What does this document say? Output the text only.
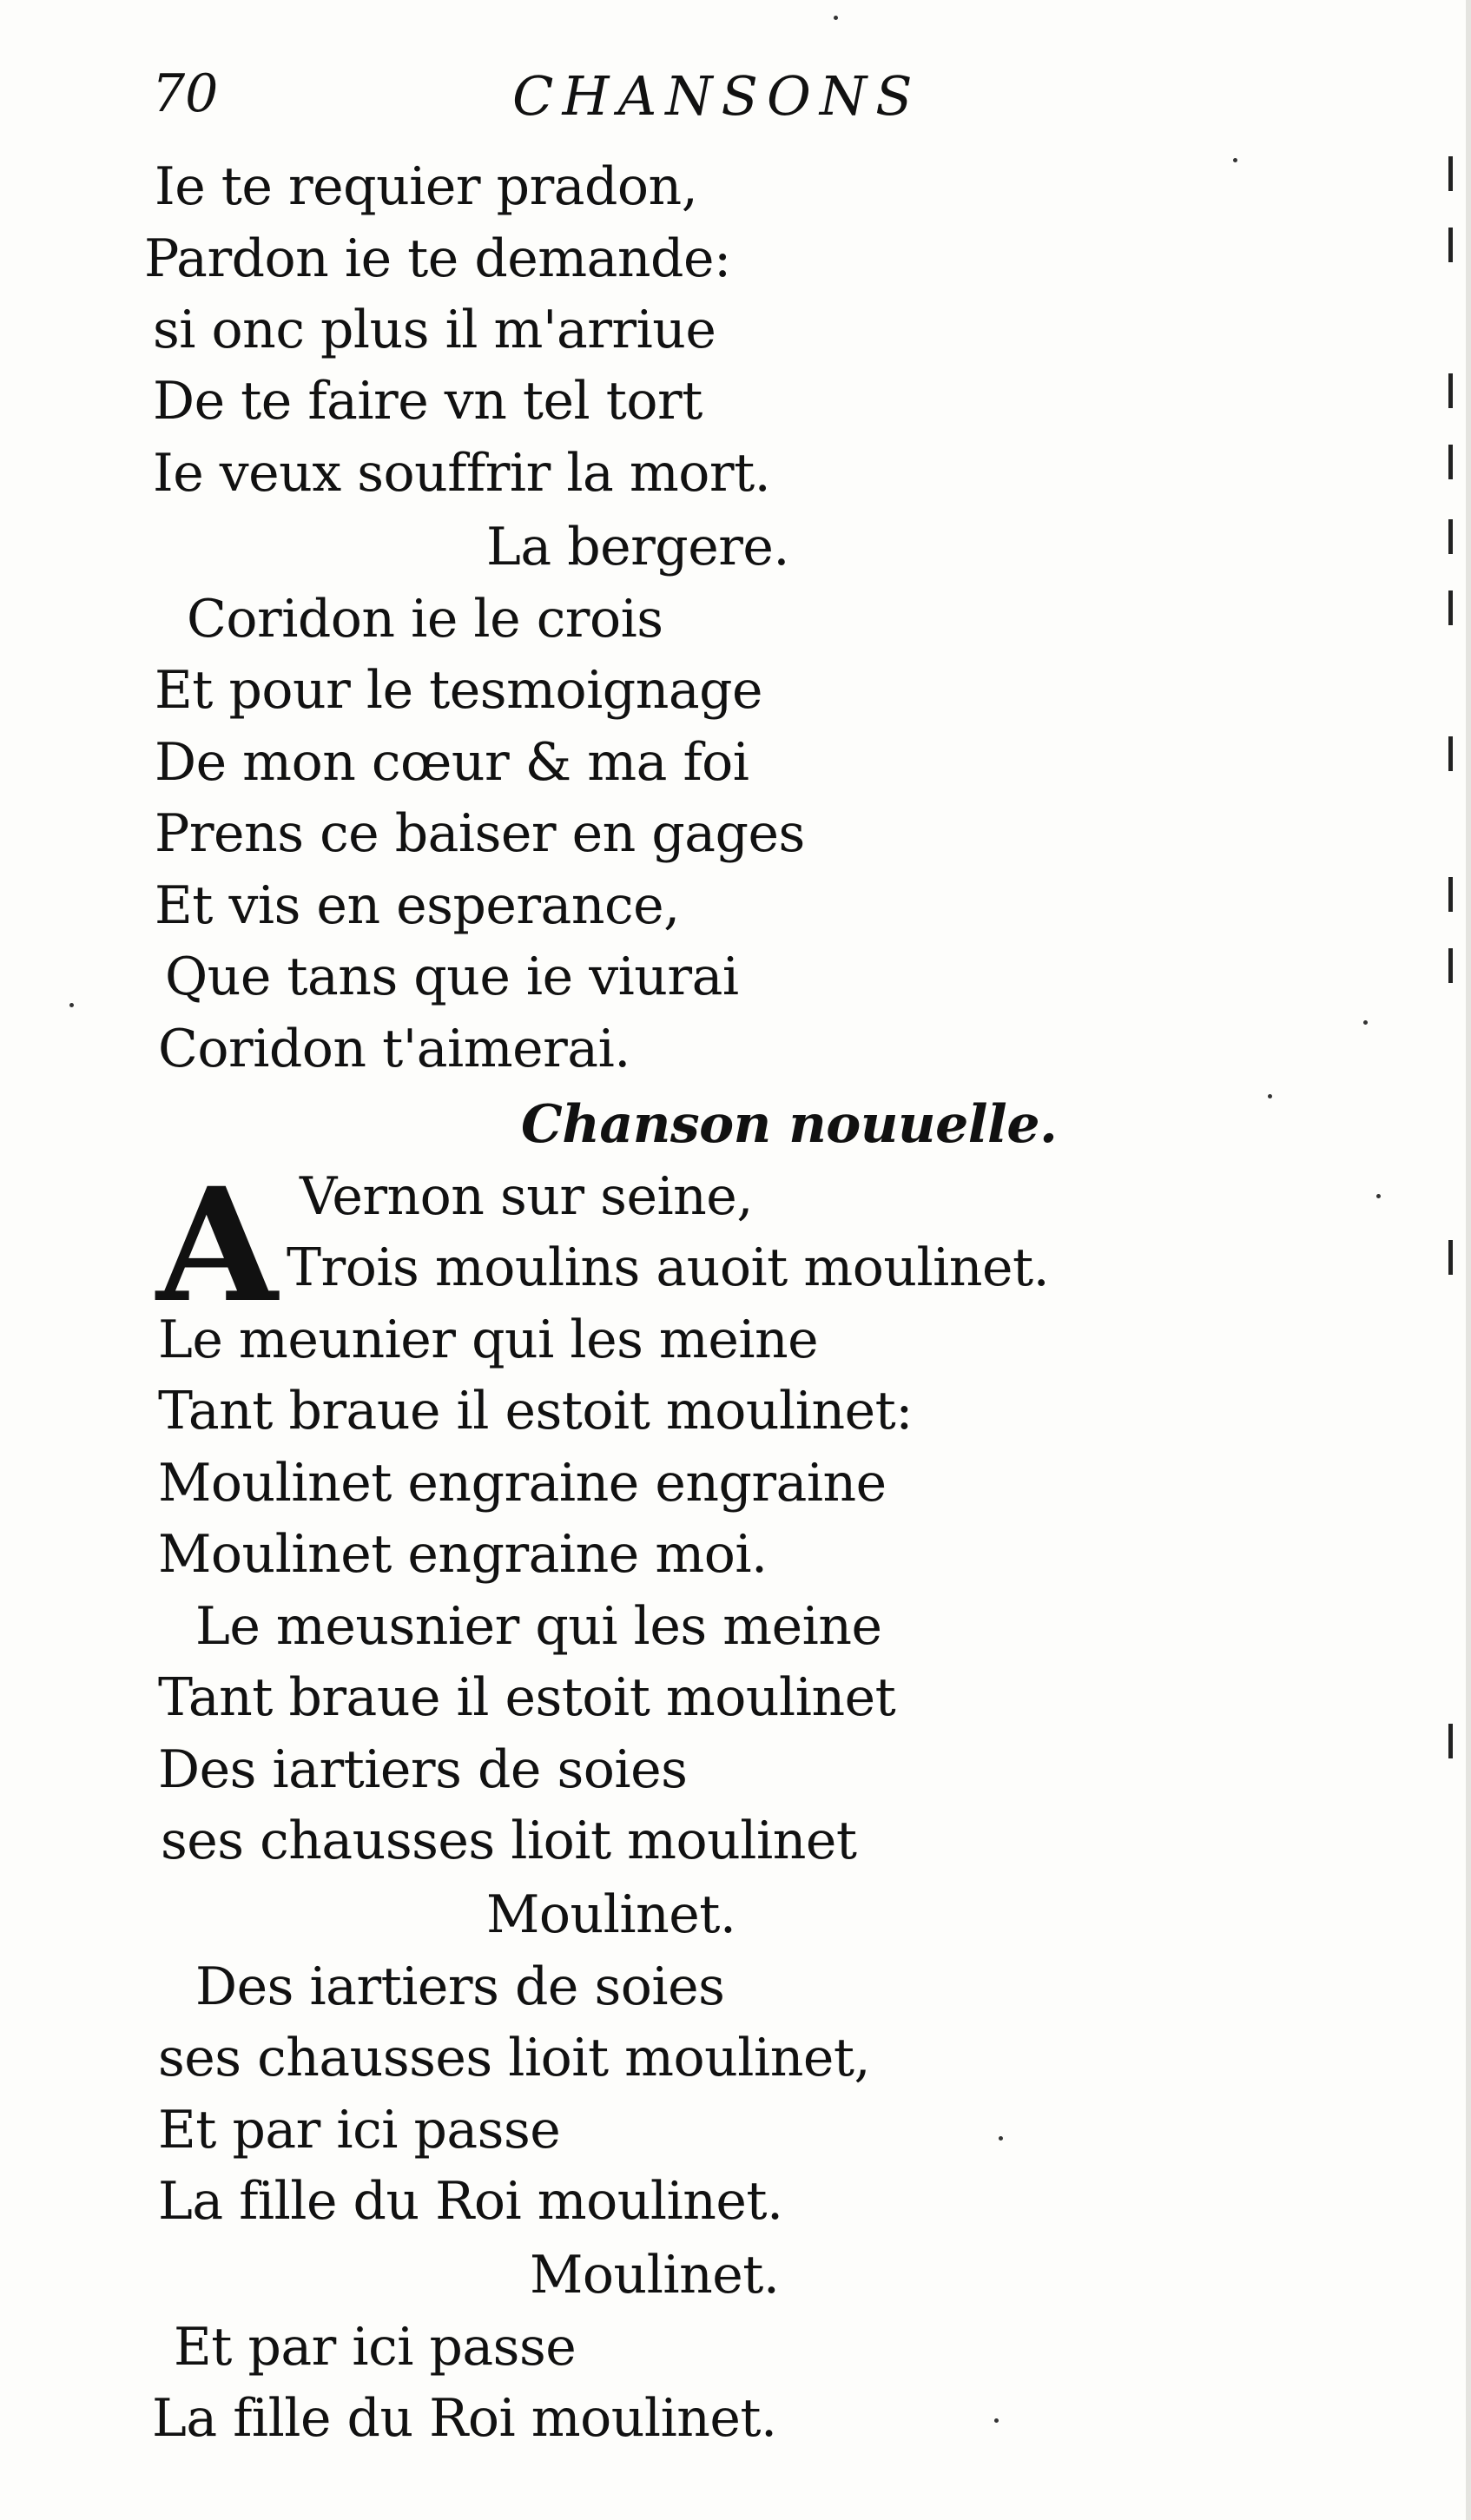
70	CHANSONS
Ie te requier pradon,
Pardon ie te demande:
si onc plus il m'arriue
De te faire vn tel tort
Ie veux souffrir la mort.
La bergere.
Coridon ie le crois
Et pour le tesmoignage
De mon cœur & ma foi
Prens ce baiser en gages
Et vis en esperance,
Que tans que ie viurai
Coridon t'aimerai.
Chanson nouuelle.
A Vernon sur seine,
Trois moulins auoit moulinet.
Le meunier qui les meine
Tant braue il estoit moulinet:
Moulinet engraine engraine
Moulinet engraine moi.
Le meusnier qui les meine
Tant braue il estoit moulinet
Des iartiers de soies
ses chausses lioit moulinet
Moulinet.
Des iartiers de soies
ses chausses lioit moulinet,
Et par ici passe
La fille du Roi moulinet.
Moulinet.
Et par ici passe
La fille du Roi moulinet.
